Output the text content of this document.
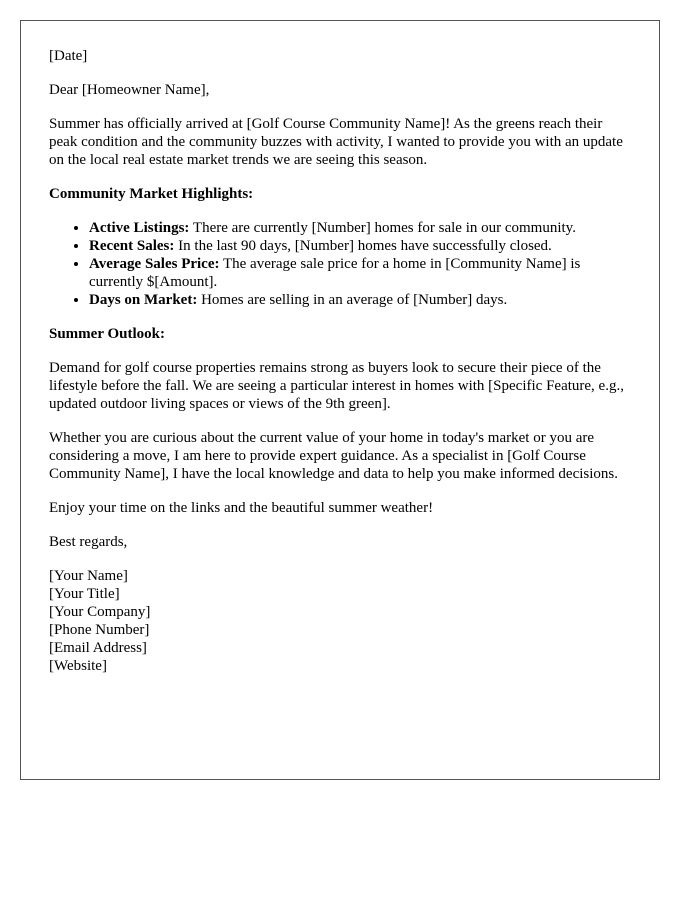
[Date]

Dear [Homeowner Name],

Summer has officially arrived at [Golf Course Community Name]! As the greens reach their peak condition and the community buzzes with activity, I wanted to provide you with an update on the local real estate market trends we are seeing this season.

Community Market Highlights:

• Active Listings: There are currently [Number] homes for sale in our community.
• Recent Sales: In the last 90 days, [Number] homes have successfully closed.
• Average Sales Price: The average sale price for a home in [Community Name] is currently $[Amount].
• Days on Market: Homes are selling in an average of [Number] days.

Summer Outlook:

Demand for golf course properties remains strong as buyers look to secure their piece of the lifestyle before the fall. We are seeing a particular interest in homes with [Specific Feature, e.g., updated outdoor living spaces or views of the 9th green].

Whether you are curious about the current value of your home in today's market or you are considering a move, I am here to provide expert guidance. As a specialist in [Golf Course Community Name], I have the local knowledge and data to help you make informed decisions.

Enjoy your time on the links and the beautiful summer weather!

Best regards,

[Your Name]
[Your Title]
[Your Company]
[Phone Number]
[Email Address]
[Website]
